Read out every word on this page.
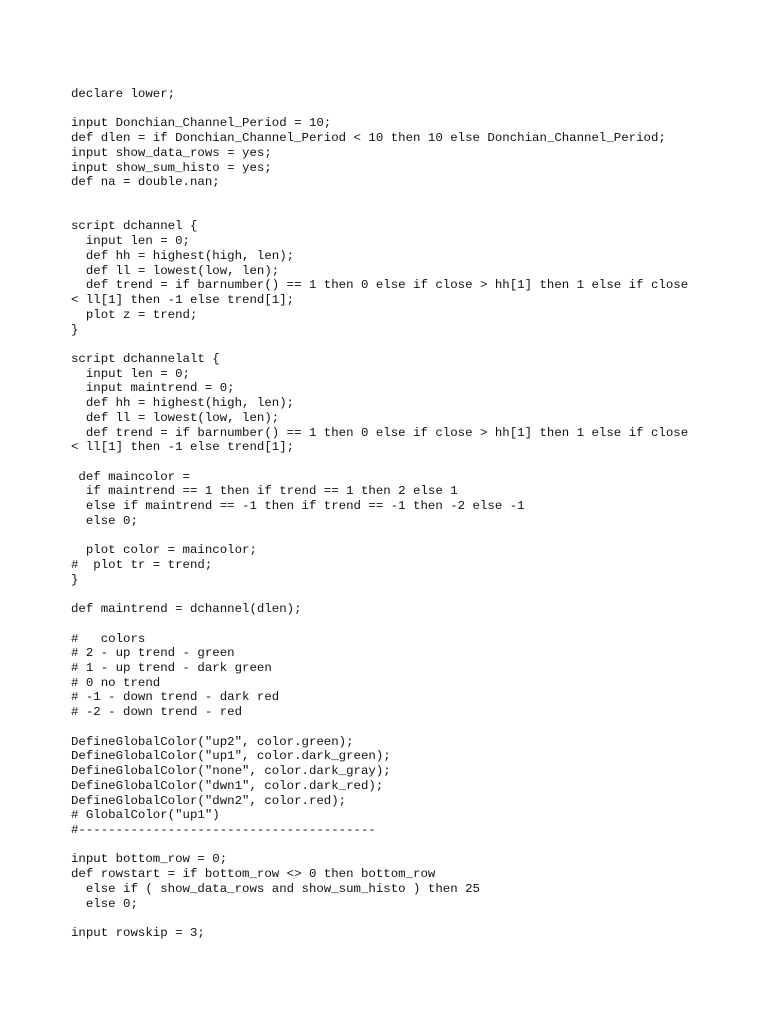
declare lower;
input Donchian_Channel_Period = 10;
def dlen = if Donchian_Channel_Period < 10 then 10 else Donchian_Channel_Period;
input show_data_rows = yes;
input show_sum_histo = yes;
def na = double.nan;
script dchannel {
input len = 0;
def hh = highest(high, len);
def ll = lowest(low, len);
def trend = if barnumber() == 1 then 0 else if close > hh[1] then 1 else if close
< ll[1] then -1 else trend[1];
plot z = trend;
}
script dchannelalt {
input len = 0;
input maintrend = 0;
def hh = highest(high, len);
def ll = lowest(low, len);
def trend = if barnumber() == 1 then 0 else if close > hh[1] then 1 else if close
< ll[1] then -1 else trend[1];
def maincolor =
if maintrend == 1 then if trend == 1 then 2 else 1
else if maintrend == -1 then if trend == -1 then -2 else -1
else 0;
plot color = maincolor;
#  plot tr = trend;
}
def maintrend = dchannel(dlen);
#   colors
# 2 - up trend - green
# 1 - up trend - dark green
# 0 no trend
# -1 - down trend - dark red
# -2 - down trend - red
DefineGlobalColor("up2", color.green);
DefineGlobalColor("up1", color.dark_green);
DefineGlobalColor("none", color.dark_gray);
DefineGlobalColor("dwn1", color.dark_red);
DefineGlobalColor("dwn2", color.red);
# GlobalColor("up1")
#----------------------------------------
input bottom_row = 0;
def rowstart = if bottom_row <> 0 then bottom_row
else if ( show_data_rows and show_sum_histo ) then 25
else 0;
input rowskip = 3;
